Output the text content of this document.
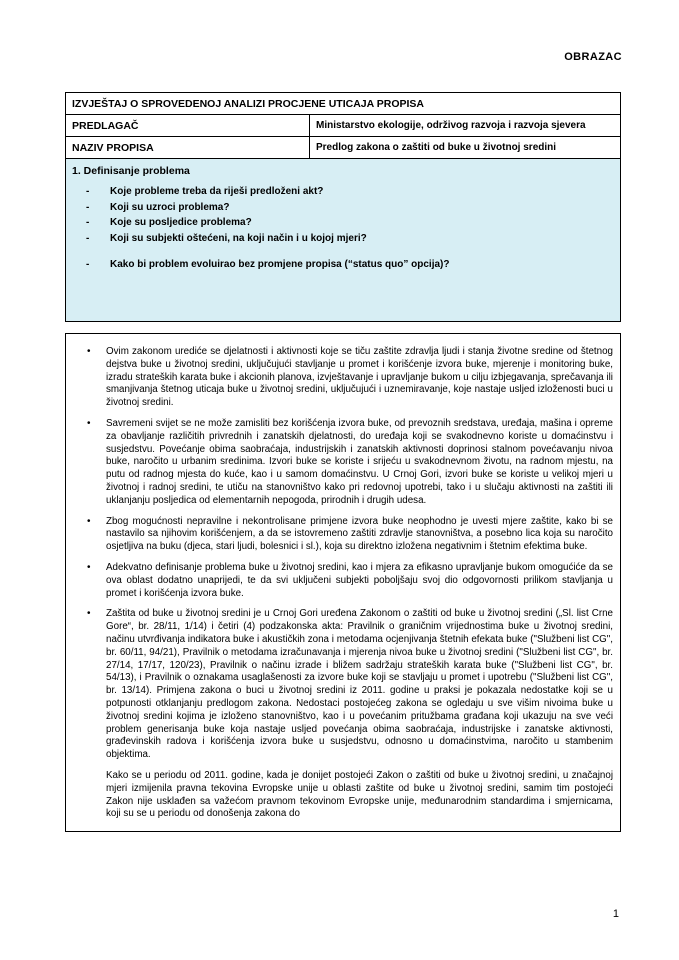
OBRAZAC
IZVJEŠTAJ O SPROVEDENOJ ANALIZI PROCJENE UTICAJA PROPISA
PREDLAGAČ	Ministarstvo ekologije, održivog razvoja i razvoja sjevera
NAZIV PROPISA	Predlog zakona o zaštiti od buke u životnoj sredini
1. Definisanje problema
-	Koje probleme treba da riješi predloženi akt?
-	Koji su uzroci problema?
-	Koje su posljedice problema?
-	Koji su subjekti oštećeni, na koji način i u kojoj mjeri?
-	Kako bi problem evoluirao bez promjene propisa (“status quo” opcija)?
•	Ovim zakonom urediće se djelatnosti i aktivnosti koje se tiču zaštite zdravlja ljudi i stanja životne sredine od štetnog dejstva buke u životnoj sredini, uključujući stavljanje u promet i korišćenje izvora buke, mjerenje i monitoring buke, izradu strateških karata buke i akcionih planova, izvještavanje i upravljanje bukom u cilju izbjegavanja, sprečavanja ili smanjivanja štetnog uticaja buke u životnoj sredini, uključujući i uznemiravanje, koje nastaje usljed izloženosti buci u životnoj sredini.
•	Savremeni svijet se ne može zamisliti bez korišćenja izvora buke, od prevoznih sredstava, uređaja, mašina i opreme za obavljanje različitih privrednih i zanatskih djelatnosti, do uređaja koji se svakodnevno koriste u domaćinstvu i susjedstvu. Povećanje obima saobraćaja, industrijskih i zanatskih aktivnosti doprinosi stalnom povećavanju nivoa buke, naročito u urbanim sredinima. Izvori buke se koriste i srijeću u svakodnevnom životu, na radnom mjestu, na putu od radnog mjesta do kuće, kao i u samom domaćinstvu. U Crnoj Gori, izvori buke se koriste u velikoj mjeri u životnoj i radnoj sredini, te utiču na stanovništvo kako pri redovnoj upotrebi, tako i u slučaju aktivnosti na zaštiti ili uklanjanju posljedica od elementarnih nepogoda, prirodnih i drugih udesa.
•	Zbog mogućnosti nepravilne i nekontrolisane primjene izvora buke neophodno je uvesti mjere zaštite, kako bi se nastavilo sa njihovim korišćenjem, a da se istovremeno zaštiti zdravlje stanovništva, a posebno lica koja su naročito osjetljiva na buku (djeca, stari ljudi, bolesnici i sl.), koja su direktno izložena negativnim i štetnim efektima buke.
•	Adekvatno definisanje problema buke u životnoj sredini, kao i mjera za efikasno upravljanje bukom omogućiće da se ova oblast dodatno unaprijedi, te da svi uključeni subjekti poboljšaju svoj dio odgovornosti prilikom stavljanja u promet i korišćenja izvora buke.
•	Zaštita od buke u životnoj sredini je u Crnoj Gori uređena Zakonom o zaštiti od buke u životnoj sredini („Sl. list Crne Gore“, br. 28/11, 1/14) i četiri (4) podzakonska akta: Pravilnik o graničnim vrijednostima buke u životnoj sredini, načinu utvrđivanja indikatora buke i akustičkih zona i metodama ocjenjivanja štetnih efekata buke ("Službeni list CG", br. 60/11, 94/21), Pravilnik o metodama izračunavanja i mjerenja nivoa buke u životnoj sredini ("Službeni list CG", br. 27/14, 17/17, 120/23), Pravilnik o načinu izrade i bližem sadržaju strateških karata buke ("Službeni list CG", br. 54/13), i Pravilnik o oznakama usaglašenosti za izvore buke koji se stavljaju u promet i upotrebu ("Službeni list CG", br. 13/14). Primjena zakona o buci u životnoj sredini iz 2011. godine u praksi je pokazala nedostatke koji se u potpunosti otklanjanju predlogom zakona. Nedostaci postojećeg zakona se ogledaju u sve višim nivoima buke u životnoj sredini kojima je izloženo stanovništvo, kao i u povećanim pritužbama građana koji ukazuju na sve veći problem generisanja buke koja nastaje usljed povećanja obima saobraćaja, industrijske i zanatske aktivnosti, građevinskih radova i korišćenja izvora buke u susjedstvu, odnosno u domaćinstvima, naročito u stambenim objektima.
Kako se u periodu od 2011. godine, kada je donijet postojeći Zakon o zaštiti od buke u životnoj sredini, u značajnoj mjeri izmijenila pravna tekovina Evropske unije u oblasti zaštite od buke u životnoj sredini, samim tim postojeći Zakon nije usklađen sa važećom pravnom tekovinom Evropske unije, međunarodnim standardima i smjernicama, koji su se u periodu od donošenja zakona do
1
